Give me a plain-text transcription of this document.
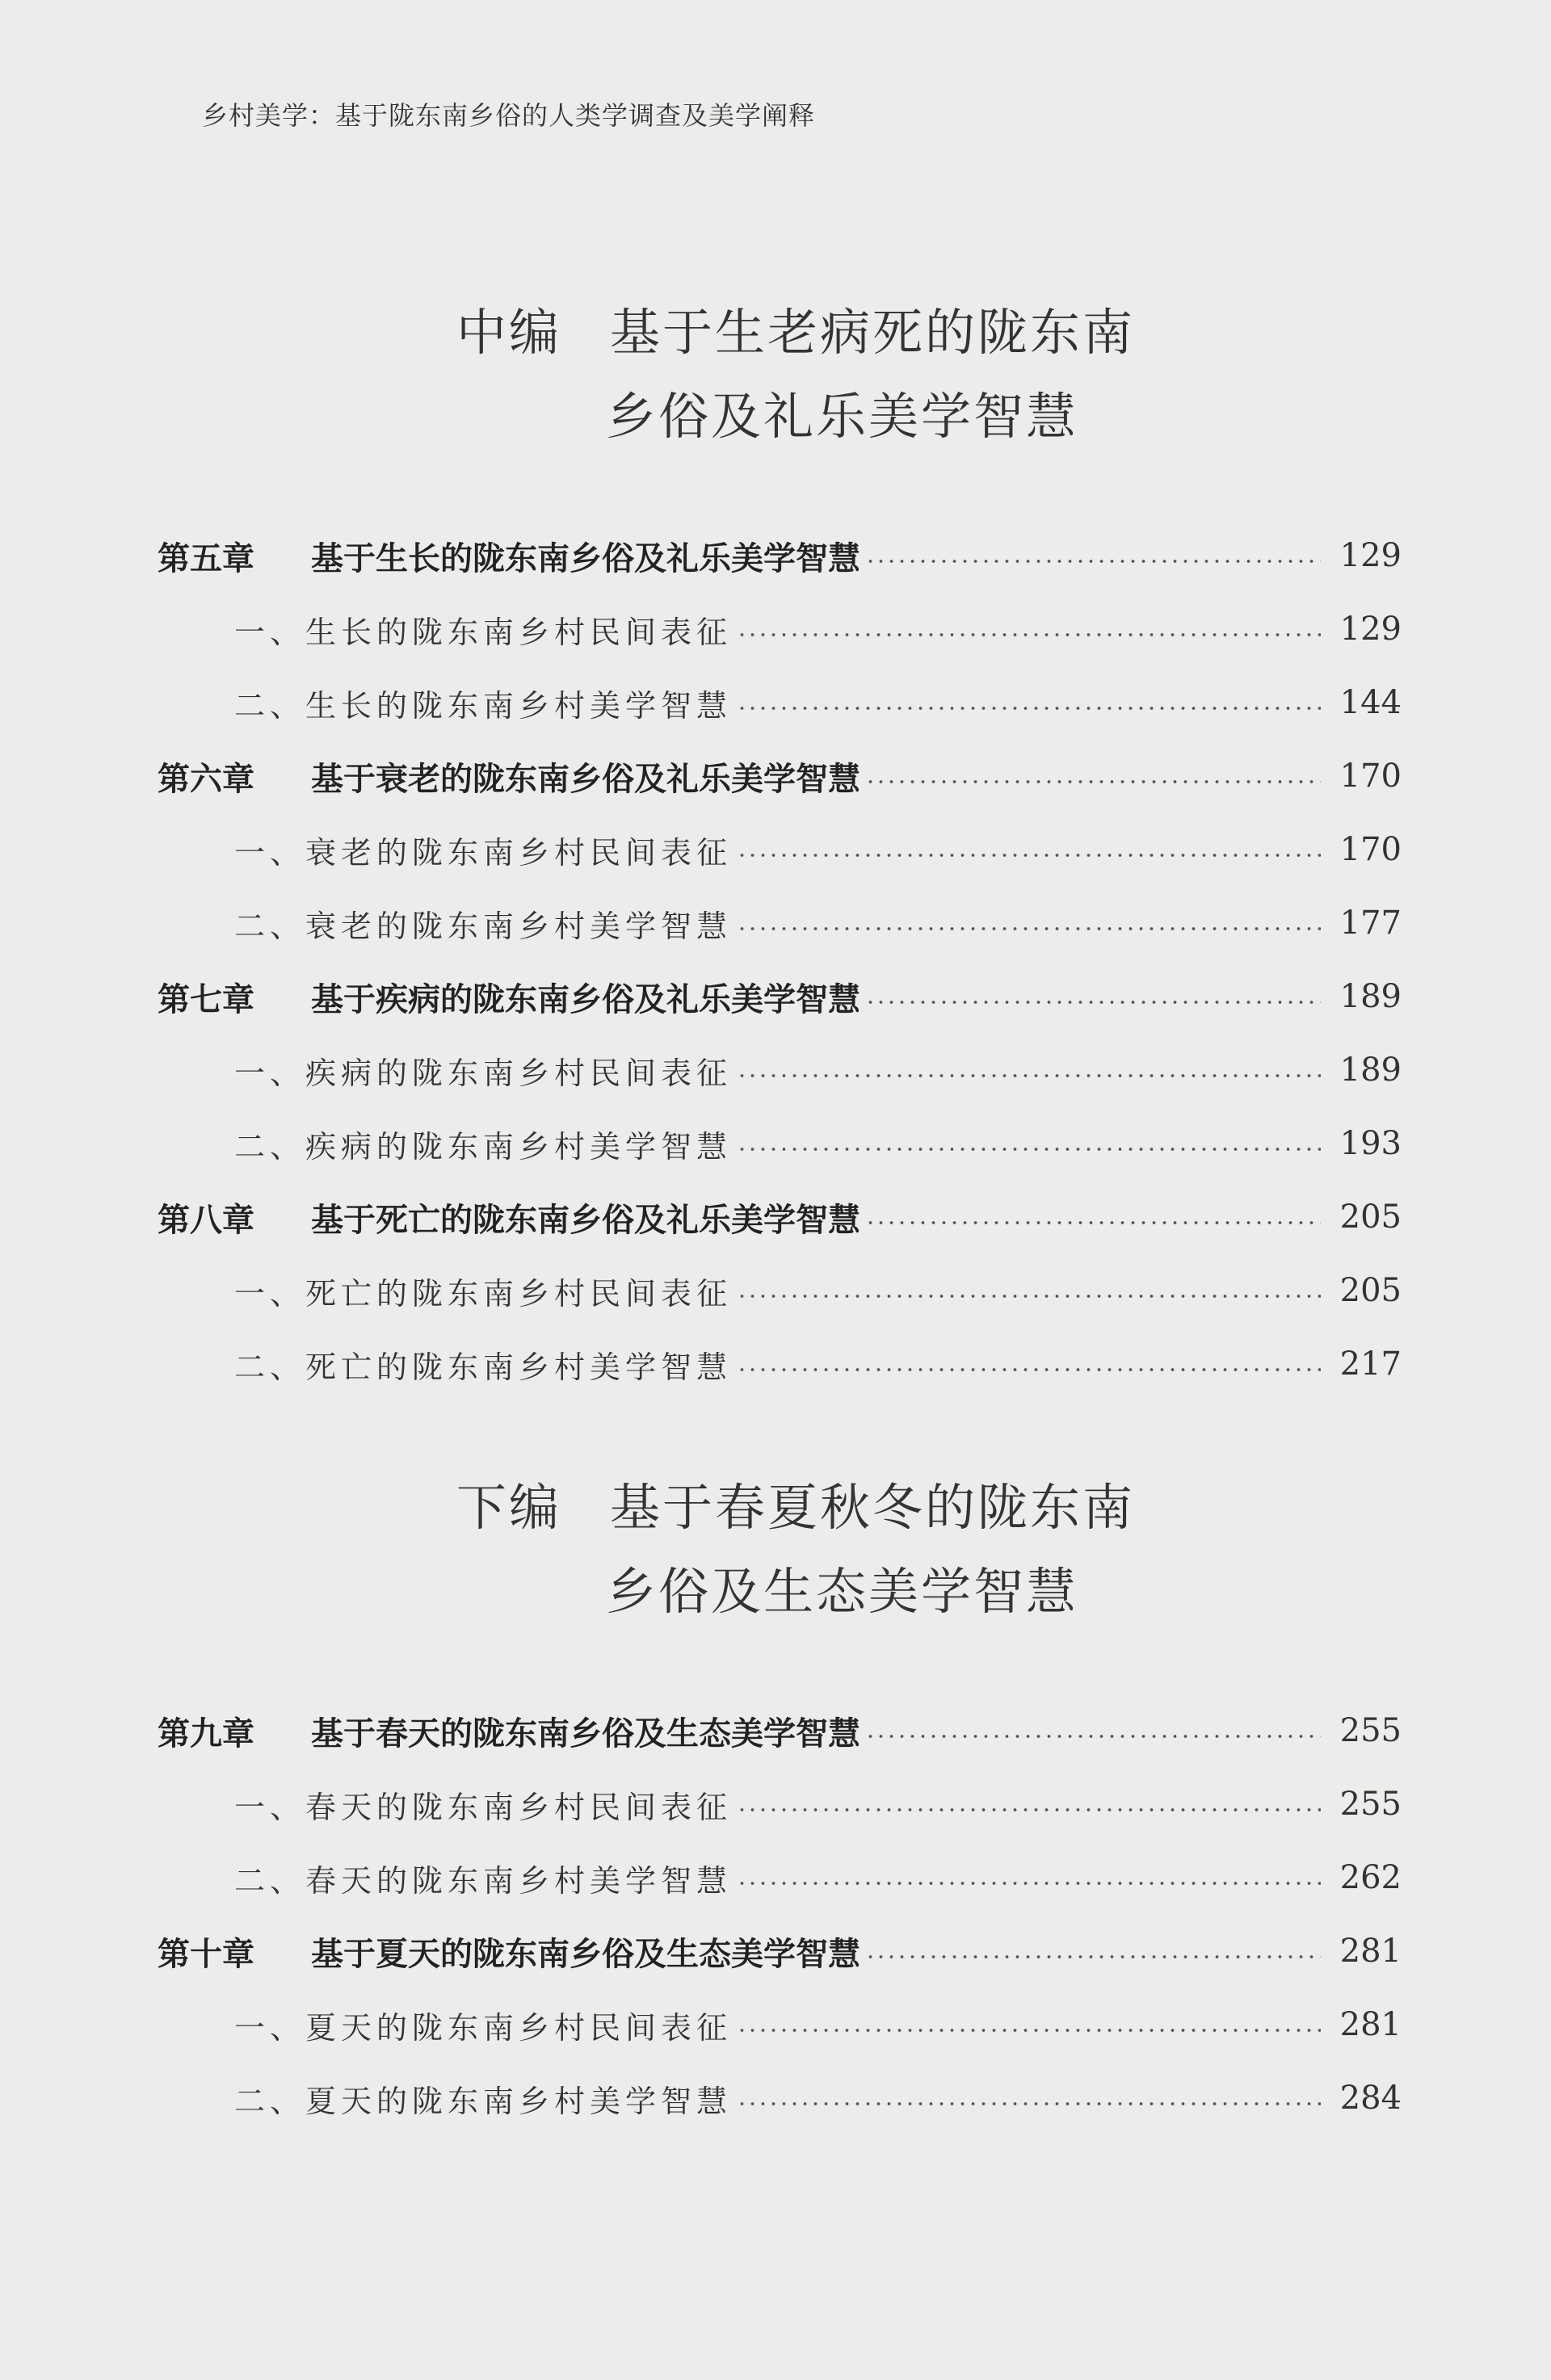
乡村美学：基于陇东南乡俗的人类学调查及美学阐释
中编 基于生老病死的陇东南
乡俗及礼乐美学智慧
第五章	基于生长的陇东南乡俗及礼乐美学智慧	129
一、生长的陇东南乡村民间表征	129
二、生长的陇东南乡村美学智慧	144
第六章	基于衰老的陇东南乡俗及礼乐美学智慧	170
一、衰老的陇东南乡村民间表征	170
二、衰老的陇东南乡村美学智慧	177
第七章	基于疾病的陇东南乡俗及礼乐美学智慧	189
一、疾病的陇东南乡村民间表征	189
二、疾病的陇东南乡村美学智慧	193
第八章	基于死亡的陇东南乡俗及礼乐美学智慧	205
一、死亡的陇东南乡村民间表征	205
二、死亡的陇东南乡村美学智慧	217
下编 基于春夏秋冬的陇东南
乡俗及生态美学智慧
第九章	基于春天的陇东南乡俗及生态美学智慧	255
一、春天的陇东南乡村民间表征	255
二、春天的陇东南乡村美学智慧	262
第十章	基于夏天的陇东南乡俗及生态美学智慧	281
一、夏天的陇东南乡村民间表征	281
二、夏天的陇东南乡村美学智慧	284
